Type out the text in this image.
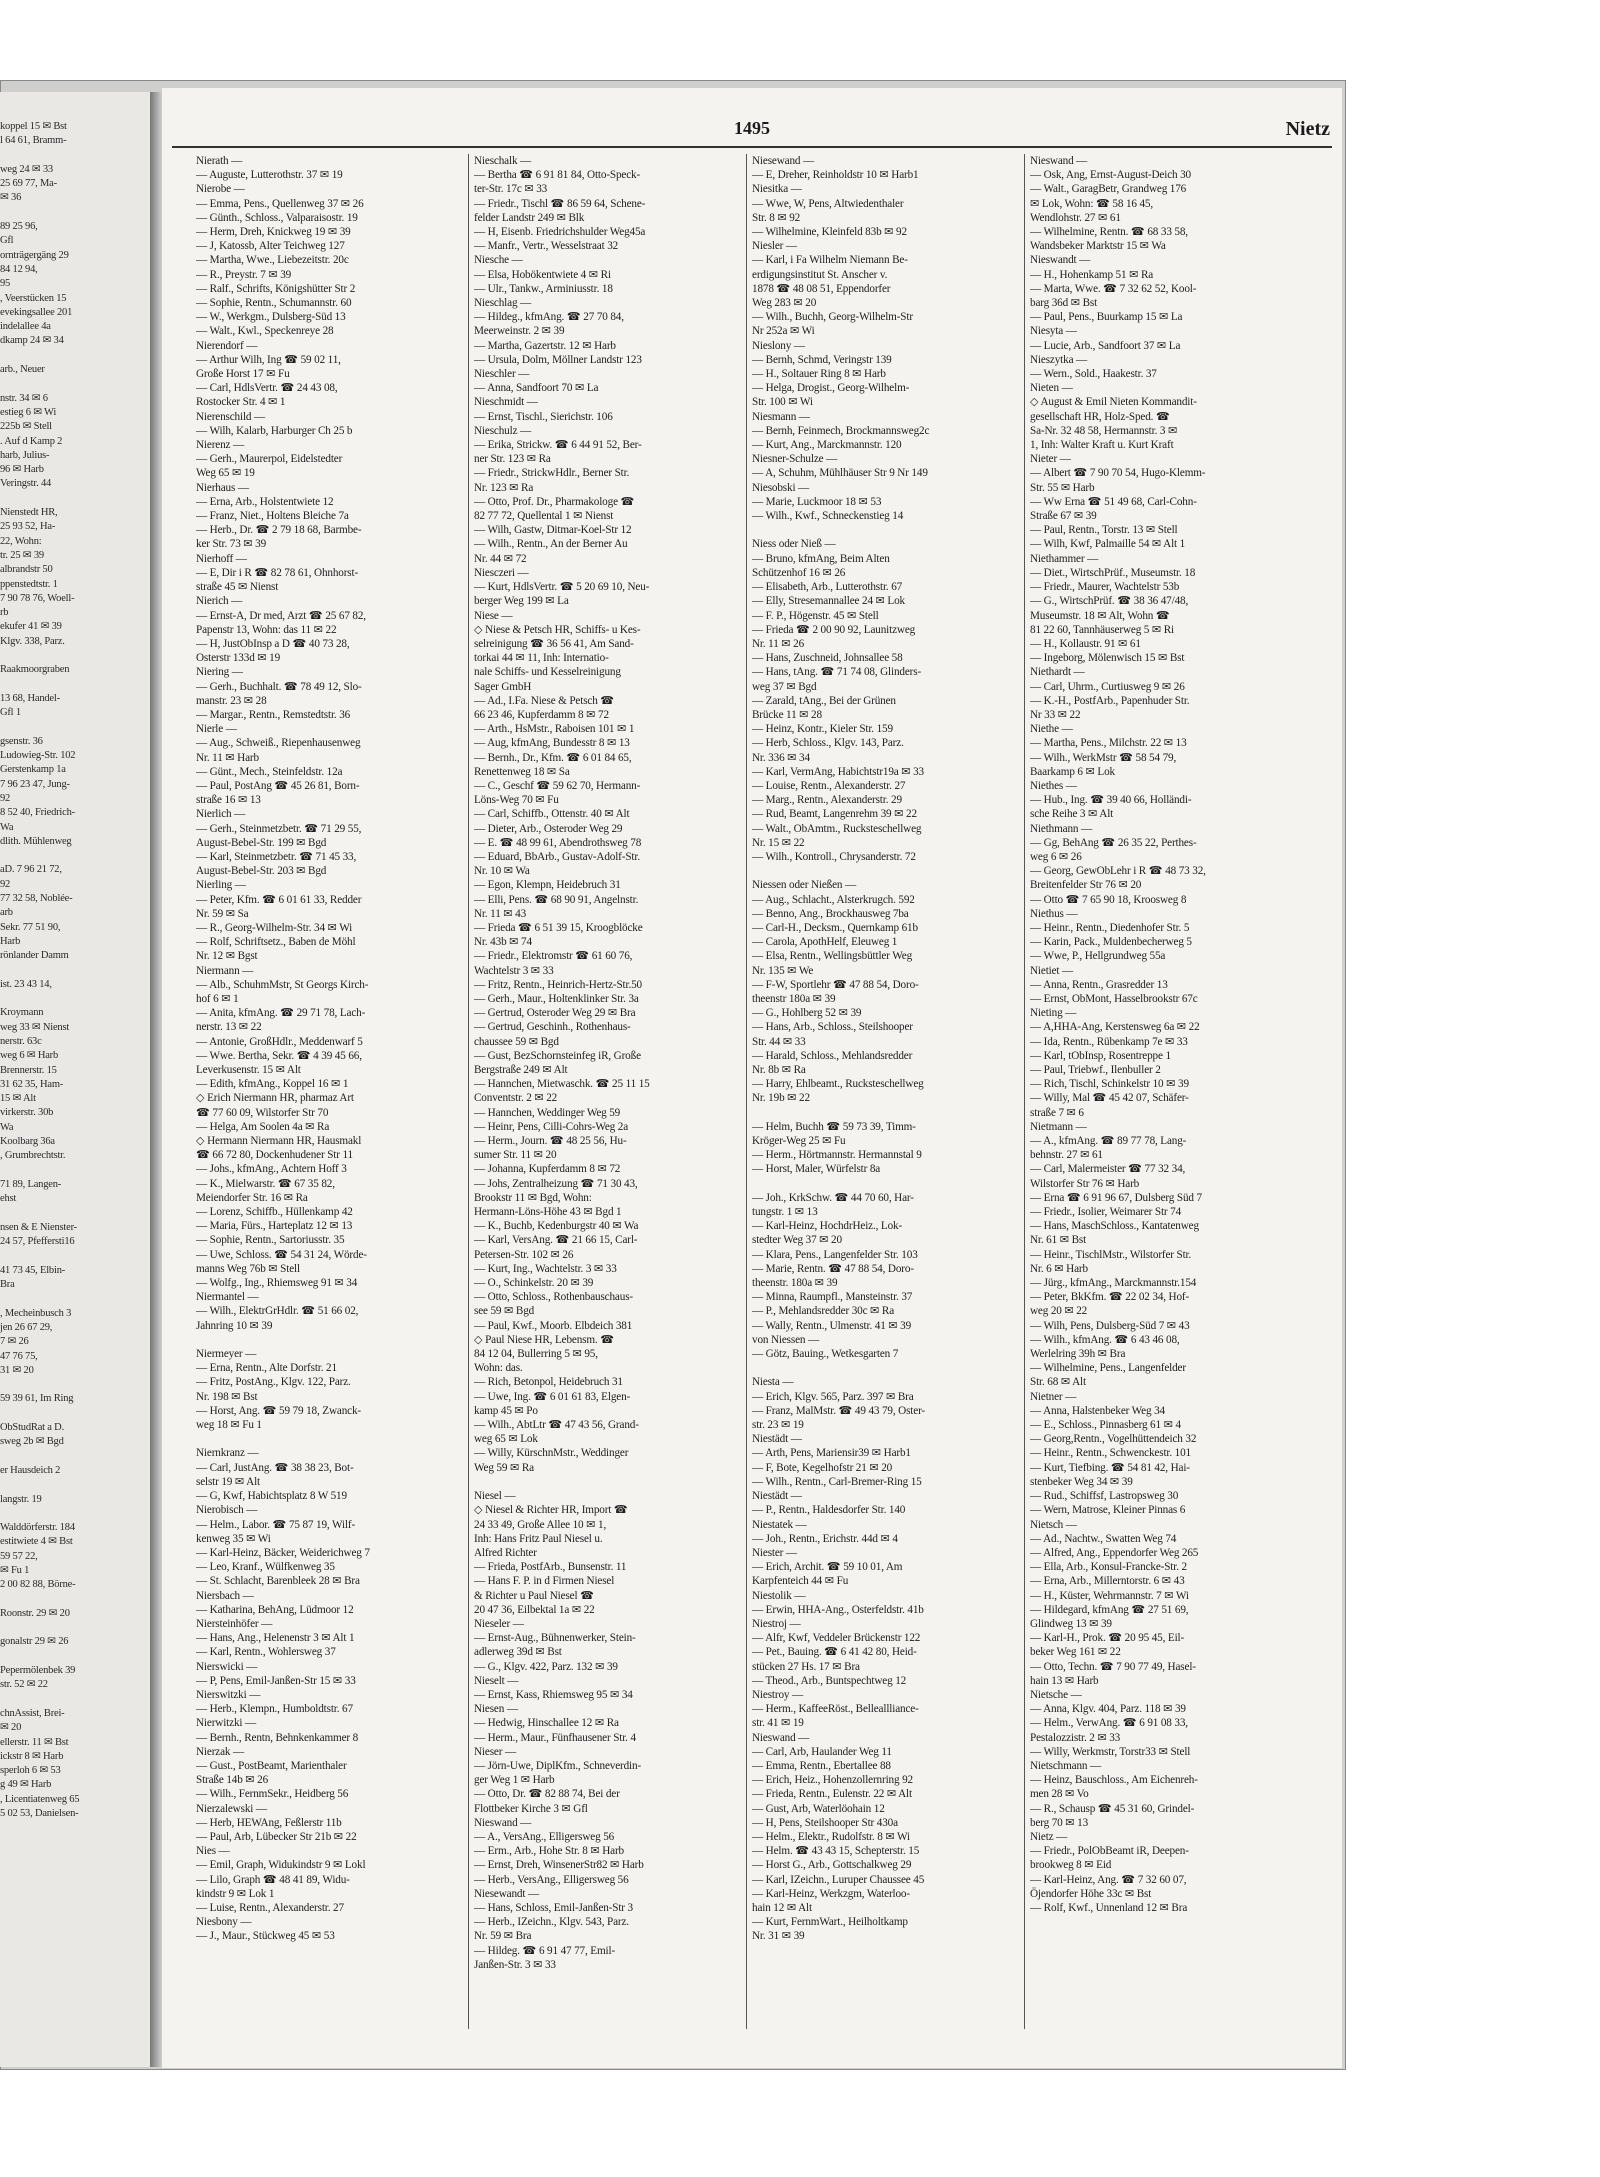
koppel 15 ✉ Bst
l 64 61, Bramm-

weg 24 ✉ 33
25 69 77, Ma-
✉ 36

89 25 96,
Gfl
ornträgergäng 29
84 12 94,
95
, Veerstücken 15
evekingsallee 201
indelallee 4a
dkamp 24 ✉ 34

arb., Neuer

nstr. 34 ✉ 6
estieg 6 ✉ Wi
225b ✉ Stell
. Auf d Kamp 2
harb, Julius-
96 ✉ Harb
Veringstr. 44

Nienstedt HR,
25 93 52, Ha-
22, Wohn:
tr. 25 ✉ 39
albrandstr 50
ppenstedtstr. 1
7 90 78 76, Woell-
rb
ekufer 41 ✉ 39
Klgv. 338, Parz.

Raakmoorgraben

13 68, Handel-
Gfl 1

gsenstr. 36
Ludowieg-Str. 102
Gerstenkamp 1a
7 96 23 47, Jung-
92
8 52 40, Friedrich-
Wa
dlith. Mühlenweg

aD. 7 96 21 72,
92
77 32 58, Noblée-
arb
Sekr. 77 51 90,
Harb
rönlander Damm

ist. 23 43 14,

Kroymann
weg 33 ✉ Nienst
nerstr. 63c
weg 6 ✉ Harb
Brennerstr. 15
31 62 35, Ham-
15 ✉ Alt
virkerstr. 30b
Wa
Koolbarg 36a
, Grumbrechtstr.

71 89, Langen-
ehst

nsen & E Nienster-
24 57, Pfeffersti16

41 73 45, Elbin-
Bra

, Mecheinbusch 3
jen 26 67 29,
7 ✉ 26
47 76 75,
31 ✉ 20

59 39 61, Im Ring

ObStudRat a D.
sweg 2b ✉ Bgd

er Hausdeich 2

langstr. 19

Walddörferstr. 184
estitwiete 4 ✉ Bst
59 57 22,
✉ Fu 1
2 00 82 88, Börne-

Roonstr. 29 ✉ 20

gonalstr 29 ✉ 26

Pepermölenbek 39
str. 52 ✉ 22

chnAssist, Brei-
✉ 20
ellerstr. 11 ✉ Bst
ickstr 8 ✉ Harb
sperloh 6 ✉ 53
g 49 ✉ Harb
, Licentiatenweg 65
5 02 53, Danielsen-
1495	Nietz
Nierath —
— Auguste, Lutterothstr. 37 ✉ 19
Nierobe —
— Emma, Pens., Quellenweg 37 ✉ 26
— Günth., Schloss., Valparaisostr. 19
— Herm, Dreh, Knickweg 19 ✉ 39
— J, Katossb, Alter Teichweg 127
— Martha, Wwe., Liebezeitstr. 20c
— R., Preystr. 7 ✉ 39
— Ralf., Schrifts, Königshütter Str 2
— Sophie, Rentn., Schumannstr. 60
— W., Werkgm., Dulsberg-Süd 13
— Walt., Kwl., Speckenreye 28
Nierendorf —
— Arthur Wilh, Ing ☎ 59 02 11,
Große Horst 17 ✉ Fu
— Carl, HdlsVertr. ☎ 24 43 08,
Rostocker Str. 4 ✉ 1
Nierenschild —
— Wilh, Kalarb, Harburger Ch 25 b
Nierenz —
— Gerh., Maurerpol, Eidelstedter
Weg 65 ✉ 19
Nierhaus —
— Erna, Arb., Holstentwiete 12
— Franz, Niet., Holtens Bleiche 7a
— Herb., Dr. ☎ 2 79 18 68, Barmbe-
ker Str. 73 ✉ 39
Nierhoff —
— E, Dir i R ☎ 82 78 61, Ohnhorst-
straße 45 ✉ Nienst
Nierich —
— Ernst-A, Dr med, Arzt ☎ 25 67 82,
Papenstr 13, Wohn: das 11 ✉ 22
— H, JustObInsp a D ☎ 40 73 28,
Osterstr 133d ✉ 19
Niering —
— Gerh., Buchhalt. ☎ 78 49 12, Slo-
manstr. 23 ✉ 28
— Margar., Rentn., Remstedtstr. 36
Nierle —
— Aug., Schweiß., Riepenhausenweg
Nr. 11 ✉ Harb
— Günt., Mech., Steinfeldstr. 12a
— Paul, PostAng ☎ 45 26 81, Born-
straße 16 ✉ 13
Nierlich —
— Gerh., Steinmetzbetr. ☎ 71 29 55,
August-Bebel-Str. 199 ✉ Bgd
— Karl, Steinmetzbetr. ☎ 71 45 33,
August-Bebel-Str. 203 ✉ Bgd
Nierling —
— Peter, Kfm. ☎ 6 01 61 33, Redder
Nr. 59 ✉ Sa
— R., Georg-Wilhelm-Str. 34 ✉ Wi
— Rolf, Schriftsetz., Baben de Möhl
Nr. 12 ✉ Bgst
Niermann —
— Alb., SchuhmMstr, St Georgs Kirch-
hof 6 ✉ 1
— Anita, kfmAng. ☎ 29 71 78, Lach-
nerstr. 13 ✉ 22
— Antonie, GroßHdlr., Meddenwarf 5
— Wwe. Bertha, Sekr. ☎ 4 39 45 66,
Leverkusenstr. 15 ✉ Alt
— Edith, kfmAng., Koppel 16 ✉ 1
◇ Erich Niermann HR, pharmaz Art
☎ 77 60 09, Wilstorfer Str 70
— Helga, Am Soolen 4a ✉ Ra
◇ Hermann Niermann HR, Hausmakl
☎ 66 72 80, Dockenhudener Str 11
— Johs., kfmAng., Achtern Hoff 3
— K., Mielwarstr. ☎ 67 35 82,
Meiendorfer Str. 16 ✉ Ra
— Lorenz, Schiffb., Hüllenkamp 42
— Maria, Fürs., Harteplatz 12 ✉ 13
— Sophie, Rentn., Sartoriusstr. 35
— Uwe, Schloss. ☎ 54 31 24, Wörde-
manns Weg 76b ✉ Stell
— Wolfg., Ing., Rhiemsweg 91 ✉ 34
Niermantel —
— Wilh., ElektrGrHdlr. ☎ 51 66 02,
Jahnring 10 ✉ 39

Niermeyer —
— Erna, Rentn., Alte Dorfstr. 21
— Fritz, PostAng., Klgv. 122, Parz.
Nr. 198 ✉ Bst
— Horst, Ang. ☎ 59 79 18, Zwanck-
weg 18 ✉ Fu 1

Niernkranz —
— Carl, JustAng. ☎ 38 38 23, Bot-
selstr 19 ✉ Alt
— G, Kwf, Habichtsplatz 8 W 519
Nierobisch —
— Helm., Labor. ☎ 75 87 19, Wilf-
kenweg 35 ✉ Wi
— Karl-Heinz, Bäcker, Weiderichweg 7
— Leo, Kranf., Wülfkenweg 35
— St. Schlacht, Barenbleek 28 ✉ Bra
Niersbach —
— Katharina, BehAng, Lüdmoor 12
Niersteinhöfer —
— Hans, Ang., Helenenstr 3 ✉ Alt 1
— Karl, Rentn., Wohlersweg 37
Nierswicki —
— P, Pens, Emil-Janßen-Str 15 ✉ 33
Nierswitzki —
— Herb., Klempn., Humboldtstr. 67
Nierwitzki —
— Bernh., Rentn, Behnkenkammer 8
Nierzak —
— Gust., PostBeamt, Marienthaler
Straße 14b ✉ 26
— Wilh., FernmSekr., Heidberg 56
Nierzalewski —
— Herb, HEWAng, Feßlerstr 11b
— Paul, Arb, Lübecker Str 21b ✉ 22
Nies —
— Emil, Graph, Widukindstr 9 ✉ Lokl
— Lilo, Graph ☎ 48 41 89, Widu-
kindstr 9 ✉ Lok 1
— Luise, Rentn., Alexanderstr. 27
Niesbony —
— J., Maur., Stückweg 45 ✉ 53
Nieschalk —
— Bertha ☎ 6 91 81 84, Otto-Speck-
ter-Str. 17c ✉ 33
— Friedr., Tischl ☎ 86 59 64, Schene-
felder Landstr 249 ✉ Blk
— H, Eisenb. Friedrichshulder Weg45a
— Manfr., Vertr., Wesselstraat 32
Niesche —
— Elsa, Hobökentwiete 4 ✉ Ri
— Ulr., Tankw., Arminiusstr. 18
Nieschlag —
— Hildeg., kfmAng. ☎ 27 70 84,
Meerweinstr. 2 ✉ 39
— Martha, Gazertstr. 12 ✉ Harb
— Ursula, Dolm, Möllner Landstr 123
Nieschler —
— Anna, Sandfoort 70 ✉ La
Nieschmidt —
— Ernst, Tischl., Sierichstr. 106
Nieschulz —
— Erika, Strickw. ☎ 6 44 91 52, Ber-
ner Str. 123 ✉ Ra
— Friedr., StrickwHdlr., Berner Str.
Nr. 123 ✉ Ra
— Otto, Prof. Dr., Pharmakologe ☎
82 77 72, Quellental 1 ✉ Nienst
— Wilh, Gastw, Ditmar-Koel-Str 12
— Wilh., Rentn., An der Berner Au
Nr. 44 ✉ 72
Niesczeri —
— Kurt, HdlsVertr. ☎ 5 20 69 10, Neu-
berger Weg 199 ✉ La
Niese —
◇ Niese & Petsch HR, Schiffs- u Kes-
selreinigung ☎ 36 56 41, Am Sand-
torkai 44 ✉ 11, Inh: Internatio-
nale Schiffs- und Kesselreinigung
Sager GmbH
— Ad., I.Fa. Niese & Petsch ☎
66 23 46, Kupferdamm 8 ✉ 72
— Arth., HsMstr., Raboisen 101 ✉ 1
— Aug, kfmAng, Bundesstr 8 ✉ 13
— Bernh., Dr., Kfm. ☎ 6 01 84 65,
Renettenweg 18 ✉ Sa
— C., Geschf ☎ 59 62 70, Hermann-
Löns-Weg 70 ✉ Fu
— Carl, Schiffb., Ottenstr. 40 ✉ Alt
— Dieter, Arb., Osteroder Weg 29
— E. ☎ 48 99 61, Abendrothsweg 78
— Eduard, BbArb., Gustav-Adolf-Str.
Nr. 10 ✉ Wa
— Egon, Klempn, Heidebruch 31
— Elli, Pens. ☎ 68 90 91, Angelnstr.
Nr. 11 ✉ 43
— Frieda ☎ 6 51 39 15, Kroogblöcke
Nr. 43b ✉ 74
— Friedr., Elektromstr ☎ 61 60 76,
Wachtelstr 3 ✉ 33
— Fritz, Rentn., Heinrich-Hertz-Str.50
— Gerh., Maur., Holtenklinker Str. 3a
— Gertrud, Osteroder Weg 29 ✉ Bra
— Gertrud, Geschinh., Rothenhaus-
chaussee 59 ✉ Bgd
— Gust, BezSchornsteinfeg iR, Große
Bergstraße 249 ✉ Alt
— Hannchen, Mietwaschk. ☎ 25 11 15
Conventstr. 2 ✉ 22
— Hannchen, Weddinger Weg 59
— Heinr, Pens, Cilli-Cohrs-Weg 2a
— Herm., Journ. ☎ 48 25 56, Hu-
sumer Str. 11 ✉ 20
— Johanna, Kupferdamm 8 ✉ 72
— Johs, Zentralheizung ☎ 71 30 43,
Brookstr 11 ✉ Bgd, Wohn:
Hermann-Löns-Höhe 43 ✉ Bgd 1
— K., Buchb, Kedenburgstr 40 ✉ Wa
— Karl, VersAng. ☎ 21 66 15, Carl-
Petersen-Str. 102 ✉ 26
— Kurt, Ing., Wachtelstr. 3 ✉ 33
— O., Schinkelstr. 20 ✉ 39
— Otto, Schloss., Rothenbauschaus-
see 59 ✉ Bgd
— Paul, Kwf., Moorb. Elbdeich 381
◇ Paul Niese HR, Lebensm. ☎
84 12 04, Bullerring 5 ✉ 95,
Wohn: das.
— Rich, Betonpol, Heidebruch 31
— Uwe, Ing. ☎ 6 01 61 83, Elgen-
kamp 45 ✉ Po
— Wilh., AbtLtr ☎ 47 43 56, Grand-
weg 65 ✉ Lok
— Willy, KürschnMstr., Weddinger
Weg 59 ✉ Ra

Niesel —
◇ Niesel & Richter HR, Import ☎
24 33 49, Große Allee 10 ✉ 1,
Inh: Hans Fritz Paul Niesel u.
Alfred Richter
— Frieda, PostfArb., Bunsenstr. 11
— Hans F. P. in d Firmen Niesel
& Richter u Paul Niesel ☎
20 47 36, Eilbektal 1a ✉ 22
Nieseler —
— Ernst-Aug., Bühnenwerker, Stein-
adlerweg 39d ✉ Bst
— G., Klgv. 422, Parz. 132 ✉ 39
Nieselt —
— Ernst, Kass, Rhiemsweg 95 ✉ 34
Niesen —
— Hedwig, Hinschallee 12 ✉ Ra
— Herm., Maur., Fünfhausener Str. 4
Nieser —
— Jörn-Uwe, DiplKfm., Schneverdin-
ger Weg 1 ✉ Harb
— Otto, Dr. ☎ 82 88 74, Bei der
Flottbeker Kirche 3 ✉ Gfl
Nieswand —
— A., VersAng., Elligersweg 56
— Erm., Arb., Hohe Str. 8 ✉ Harb
— Ernst, Dreh, WinsenerStr82 ✉ Harb
— Herb., VersAng., Elligersweg 56
Niesewandt —
— Hans, Schloss, Emil-Janßen-Str 3
— Herb., IZeichn., Klgv. 543, Parz.
Nr. 59 ✉ Bra
— Hildeg. ☎ 6 91 47 77, Emil-
Janßen-Str. 3 ✉ 33
Niesewand —
— E, Dreher, Reinholdstr 10 ✉ Harb1
Niesitka —
— Wwe, W, Pens, Altwiedenthaler
Str. 8 ✉ 92
— Wilhelmine, Kleinfeld 83b ✉ 92
Niesler —
— Karl, i Fa Wilhelm Niemann Be-
erdigungsinstitut St. Anscher v.
1878 ☎ 48 08 51, Eppendorfer
Weg 283 ✉ 20
— Wilh., Buchh, Georg-Wilhelm-Str
Nr 252a ✉ Wi
Nieslony —
— Bernh, Schmd, Veringstr 139
— H., Soltauer Ring 8 ✉ Harb
— Helga, Drogist., Georg-Wilhelm-
Str. 100 ✉ Wi
Niesmann —
— Bernh, Feinmech, Brockmannsweg2c
— Kurt, Ang., Marckmannstr. 120
Niesner-Schulze —
— A, Schuhm, Mühlhäuser Str 9 Nr 149
Niesobski —
— Marie, Luckmoor 18 ✉ 53
— Wilh., Kwf., Schneckenstieg 14

Niess oder Nieß —
— Bruno, kfmAng, Beim Alten
Schützenhof 16 ✉ 26
— Elisabeth, Arb., Lutterothstr. 67
— Elly, Stresemannallee 24 ✉ Lok
— F. P., Högenstr. 45 ✉ Stell
— Frieda ☎ 2 00 90 92, Launitzweg
Nr. 11 ✉ 26
— Hans, Zuschneid, Johnsallee 58
— Hans, tAng. ☎ 71 74 08, Glinders-
weg 37 ✉ Bgd
— Zarald, tAng., Bei der Grünen
Brücke 11 ✉ 28
— Heinz, Kontr., Kieler Str. 159
— Herb, Schloss., Klgv. 143, Parz.
Nr. 336 ✉ 34
— Karl, VermAng, Habichtstr19a ✉ 33
— Louise, Rentn., Alexanderstr. 27
— Marg., Rentn., Alexanderstr. 29
— Rud, Beamt, Langenrehm 39 ✉ 22
— Walt., ObAmtm., Rucksteschellweg
Nr. 15 ✉ 22
— Wilh., Kontroll., Chrysanderstr. 72

Niessen oder Nießen —
— Aug., Schlacht., Alsterkrugch. 592
— Benno, Ang., Brockhausweg 7ba
— Carl-H., Decksm., Quernkamp 61b
— Carola, ApothHelf, Eleuweg 1
— Elsa, Rentn., Wellingsbüttler Weg
Nr. 135 ✉ We
— F-W, Sportlehr ☎ 47 88 54, Doro-
theenstr 180a ✉ 39
— G., Hohlberg 52 ✉ 39
— Hans, Arb., Schloss., Steilshooper
Str. 44 ✉ 33
— Harald, Schloss., Mehlandsredder
Nr. 8b ✉ Ra
— Harry, Ehlbeamt., Rucksteschellweg
Nr. 19b ✉ 22

— Helm, Buchh ☎ 59 73 39, Timm-
Kröger-Weg 25 ✉ Fu
— Herm., Hörtmannstr. Hermannstal 9
— Horst, Maler, Würfelstr 8a

— Joh., KrkSchw. ☎ 44 70 60, Har-
tungstr. 1 ✉ 13
— Karl-Heinz, HochdrHeiz., Lok-
stedter Weg 37 ✉ 20
— Klara, Pens., Langenfelder Str. 103
— Marie, Rentn. ☎ 47 88 54, Doro-
theenstr. 180a ✉ 39
— Minna, Raumpfl., Mansteinstr. 37
— P., Mehlandsredder 30c ✉ Ra
— Wally, Rentn., Ulmenstr. 41 ✉ 39
von Niessen —
— Götz, Bauing., Wetkesgarten 7

Niesta —
— Erich, Klgv. 565, Parz. 397 ✉ Bra
— Franz, MalMstr. ☎ 49 43 79, Oster-
str. 23 ✉ 19
Niestädt —
— Arth, Pens, Mariensir39 ✉ Harb1
— F, Bote, Kegelhofstr 21 ✉ 20
— Wilh., Rentn., Carl-Bremer-Ring 15
Niestädt —
— P., Rentn., Haldesdorfer Str. 140
Niestatek —
— Joh., Rentn., Erichstr. 44d ✉ 4
Niester —
— Erich, Archit. ☎ 59 10 01, Am
Karpfenteich 44 ✉ Fu
Niestolik —
— Erwin, HHA-Ang., Osterfeldstr. 41b
Niestroj —
— Alfr, Kwf, Veddeler Brückenstr 122
— Pet., Bauing. ☎ 6 41 42 80, Heid-
stücken 27 Hs. 17 ✉ Bra
— Theod., Arb., Buntspechtweg 12
Niestroy —
— Herm., KaffeeRöst., Belleallliance-
str. 41 ✉ 19
Nieswand —
— Carl, Arb, Haulander Weg 11
— Emma, Rentn., Ebertallee 88
— Erich, Heiz., Hohenzollernring 92
— Frieda, Rentn., Eulenstr. 22 ✉ Alt
— Gust, Arb, Waterlöohain 12
— H, Pens, Steilshooper Str 430a
— Helm., Elektr., Rudolfstr. 8 ✉ Wi
— Helm. ☎ 43 43 15, Schepterstr. 15
— Horst G., Arb., Gottschalkweg 29
— Karl, IZeichn., Luruper Chaussee 45
— Karl-Heinz, Werkzgm, Waterloo-
hain 12 ✉ Alt
— Kurt, FernmWart., Heilholtkamp
Nr. 31 ✉ 39
Nieswand —
— Osk, Ang, Ernst-August-Deich 30
— Walt., GaragBetr, Grandweg 176
✉ Lok, Wohn: ☎ 58 16 45,
Wendlohstr. 27 ✉ 61
— Wilhelmine, Rentn. ☎ 68 33 58,
Wandsbeker Marktstr 15 ✉ Wa
Nieswandt —
— H., Hohenkamp 51 ✉ Ra
— Marta, Wwe. ☎ 7 32 62 52, Kool-
barg 36d ✉ Bst
— Paul, Pens., Buurkamp 15 ✉ La
Niesyta —
— Lucie, Arb., Sandfoort 37 ✉ La
Nieszytka —
— Wern., Sold., Haakestr. 37
Nieten —
◇ August & Emil Nieten Kommandit-
gesellschaft HR, Holz-Sped. ☎
Sa-Nr. 32 48 58, Hermannstr. 3 ✉
1, Inh: Walter Kraft u. Kurt Kraft
Nieter —
— Albert ☎ 7 90 70 54, Hugo-Klemm-
Str. 55 ✉ Harb
— Ww Erna ☎ 51 49 68, Carl-Cohn-
Straße 67 ✉ 39
— Paul, Rentn., Torstr. 13 ✉ Stell
— Wilh, Kwf, Palmaille 54 ✉ Alt 1
Niethammer —
— Diet., WirtschPrüf., Museumstr. 18
— Friedr., Maurer, Wachtelstr 53b
— G., WirtschPrüf. ☎ 38 36 47/48,
Museumstr. 18 ✉ Alt, Wohn ☎
81 22 60, Tannhäuserweg 5 ✉ Ri
— H., Kollaustr. 91 ✉ 61
— Ingeborg, Mölenwisch 15 ✉ Bst
Niethardt —
— Carl, Uhrm., Curtiusweg 9 ✉ 26
— K.-H., PostfArb., Papenhuder Str.
Nr 33 ✉ 22
Niethe —
— Martha, Pens., Milchstr. 22 ✉ 13
— Wilh., WerkMstr ☎ 58 54 79,
Baarkamp 6 ✉ Lok
Niethes —
— Hub., Ing. ☎ 39 40 66, Holländi-
sche Reihe 3 ✉ Alt
Niethmann —
— Gg, BehAng ☎ 26 35 22, Perthes-
weg 6 ✉ 26
— Georg, GewObLehr i R ☎ 48 73 32,
Breitenfelder Str 76 ✉ 20
— Otto ☎ 7 65 90 18, Kroosweg 8
Niethus —
— Heinr., Rentn., Diedenhofer Str. 5
— Karin, Pack., Muldenbecherweg 5
— Wwe, P., Hellgrundweg 55a
Nietiet —
— Anna, Rentn., Grasredder 13
— Ernst, ObMont, Hasselbrookstr 67c
Nieting —
— A,HHA-Ang, Kerstensweg 6a ✉ 22
— Ida, Rentn., Rübenkamp 7e ✉ 33
— Karl, tObInsp, Rosentreppe 1
— Paul, Triebwf., Ilenbuller 2
— Rich, Tischl, Schinkelstr 10 ✉ 39
— Willy, Mal ☎ 45 42 07, Schäfer-
straße 7 ✉ 6
Nietmann —
— A., kfmAng. ☎ 89 77 78, Lang-
behnstr. 27 ✉ 61
— Carl, Malermeister ☎ 77 32 34,
Wilstorfer Str 76 ✉ Harb
— Erna ☎ 6 91 96 67, Dulsberg Süd 7
— Friedr., Isolier, Weimarer Str 74
— Hans, MaschSchloss., Kantatenweg
Nr. 61 ✉ Bst
— Heinr., TischlMstr., Wilstorfer Str.
Nr. 6 ✉ Harb
— Jürg., kfmAng., Marckmannstr.154
— Peter, BkKfm. ☎ 22 02 34, Hof-
weg 20 ✉ 22
— Wilh, Pens, Dulsberg-Süd 7 ✉ 43
— Wilh., kfmAng. ☎ 6 43 46 08,
Werlelring 39h ✉ Bra
— Wilhelmine, Pens., Langenfelder
Str. 68 ✉ Alt
Nietner —
— Anna, Halstenbeker Weg 34
— E., Schloss., Pinnasberg 61 ✉ 4
— Georg,Rentn., Vogelhüttendeich 32
— Heinr., Rentn., Schwenckestr. 101
— Kurt, Tiefbing. ☎ 54 81 42, Hai-
stenbeker Weg 34 ✉ 39
— Rud., Schiffsf, Lastropsweg 30
— Wern, Matrose, Kleiner Pinnas 6
Nietsch —
— Ad., Nachtw., Swatten Weg 74
— Alfred, Ang., Eppendorfer Weg 265
— Ella, Arb., Konsul-Francke-Str. 2
— Erna, Arb., Millerntorstr. 6 ✉ 43
— H., Küster, Wehrmannstr. 7 ✉ Wi
— Hildegard, kfmAng ☎ 27 51 69,
Glindweg 13 ✉ 39
— Karl-H., Prok. ☎ 20 95 45, Eil-
beker Weg 161 ✉ 22
— Otto, Techn. ☎ 7 90 77 49, Hasel-
hain 13 ✉ Harb
Nietsche —
— Anna, Klgv. 404, Parz. 118 ✉ 39
— Helm., VerwAng. ☎ 6 91 08 33,
Pestalozzistr. 2 ✉ 33
— Willy, Werkmstr, Torstr33 ✉ Stell
Nietschmann —
— Heinz, Bauschloss., Am Eichenreh-
men 28 ✉ Vo
— R., Schausp ☎ 45 31 60, Grindel-
berg 70 ✉ 13
Nietz —
— Friedr., PolObBeamt iR, Deepen-
brookweg 8 ✉ Eid
— Karl-Heinz, Ang. ☎ 7 32 60 07,
Öjendorfer Höhe 33c ✉ Bst
— Rolf, Kwf., Unnenland 12 ✉ Bra
